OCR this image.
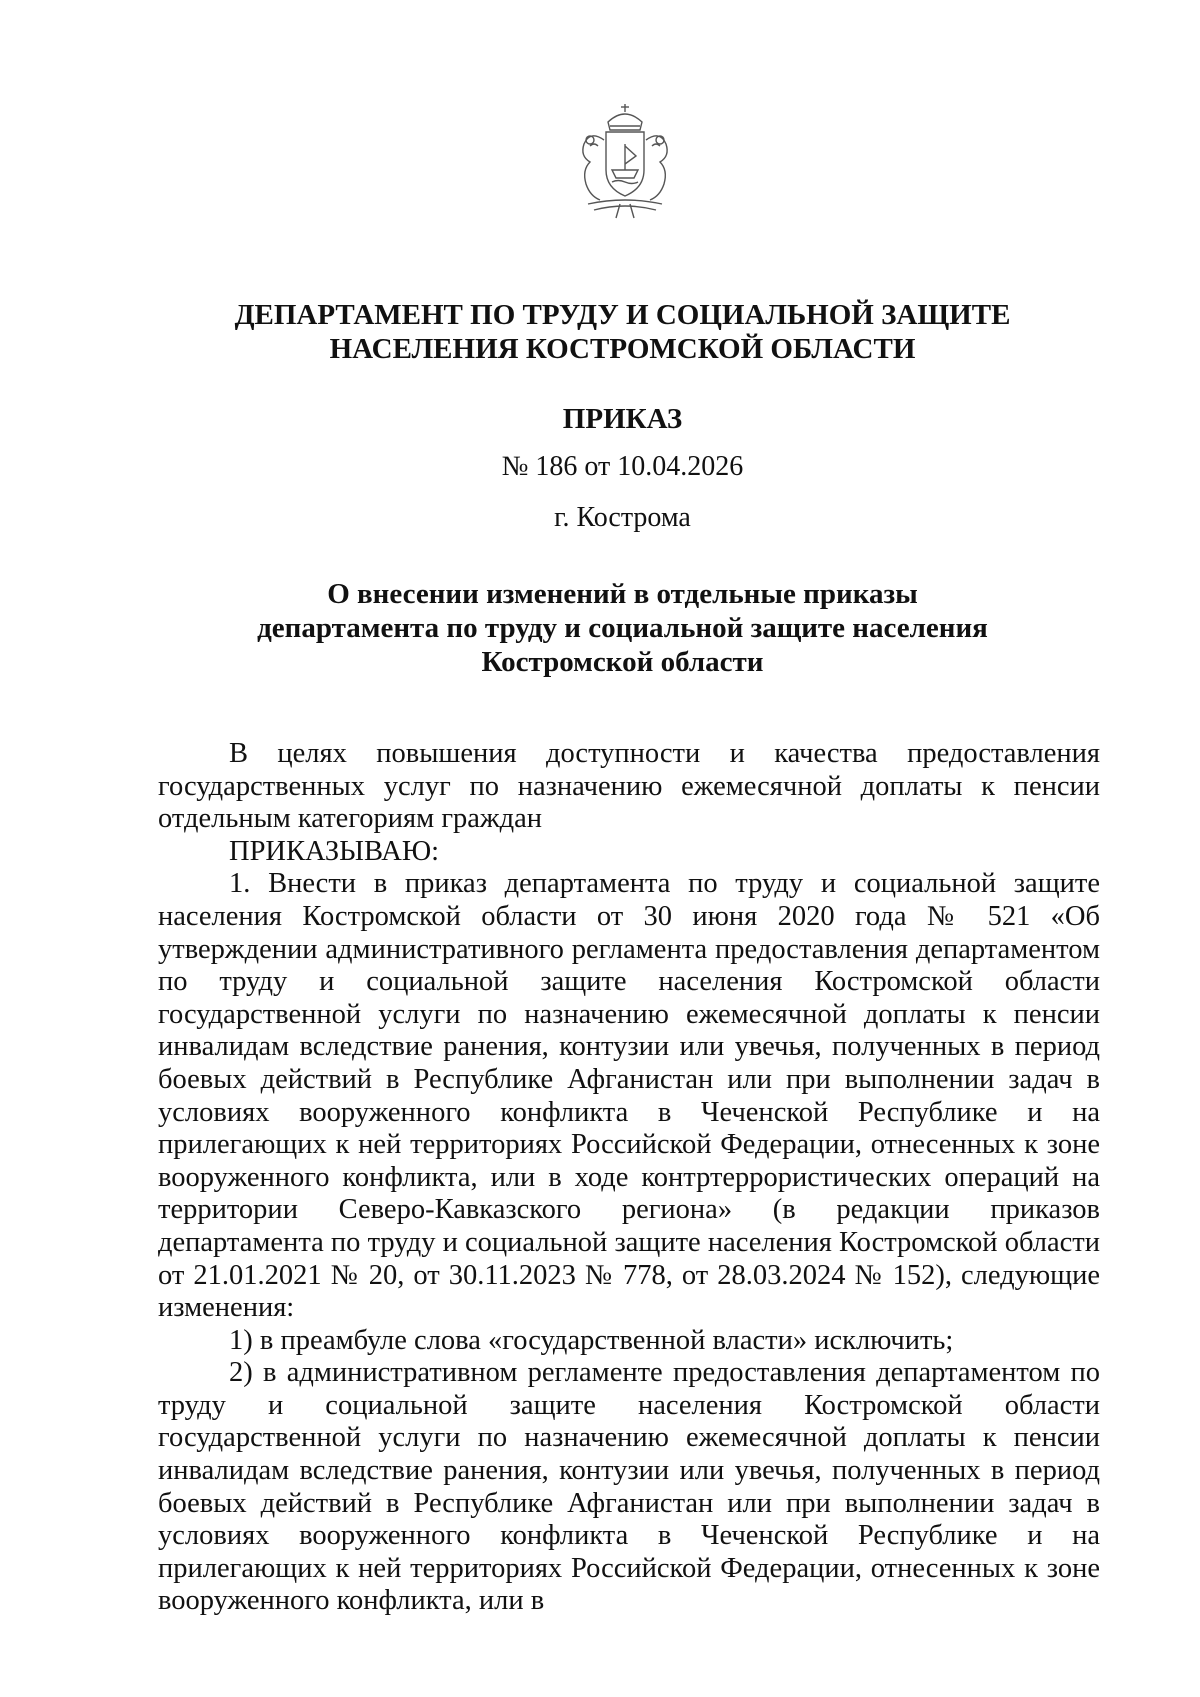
ДЕПАРТАМЕНТ ПО ТРУДУ И СОЦИАЛЬНОЙ ЗАЩИТЕ
НАСЕЛЕНИЯ КОСТРОМСКОЙ ОБЛАСТИ
ПРИКАЗ
№ 186 от 10.04.2026
г. Кострома
О внесении изменений в отдельные приказы
департамента по труду и социальной защите населения
Костромской области

В целях повышения доступности и качества предоставления государственных услуг по назначению ежемесячной доплаты к пенсии отдельным категориям граждан

ПРИКАЗЫВАЮ:

1. Внести в приказ департамента по труду и социальной защите населения Костромской области от 30 июня 2020 года № 521 «Об утверждении административного регламента предоставления департаментом по труду и социальной защите населения Костромской области государственной услуги по назначению ежемесячной доплаты к пенсии инвалидам вследствие ранения, контузии или увечья, полученных в период боевых действий в Республике Афганистан или при выполнении задач в условиях вооруженного конфликта в Чеченской Республике и на прилегающих к ней территориях Российской Федерации, отнесенных к зоне вооруженного конфликта, или в ходе контртеррористических операций на территории Северо-Кавказского региона» (в редакции приказов департамента по труду и социальной защите населения Костромской области от 21.01.2021 № 20, от 30.11.2023 № 778, от 28.03.2024 № 152), следующие изменения:

1) в преамбуле слова «государственной власти» исключить;

2) в административном регламенте предоставления департаментом по труду и социальной защите населения Костромской области государственной услуги по назначению ежемесячной доплаты к пенсии инвалидам вследствие ранения, контузии или увечья, полученных в период боевых действий в Республике Афганистан или при выполнении задач в условиях вооруженного конфликта в Чеченской Республике и на прилегающих к ней территориях Российской Федерации, отнесенных к зоне вооруженного конфликта, или в
